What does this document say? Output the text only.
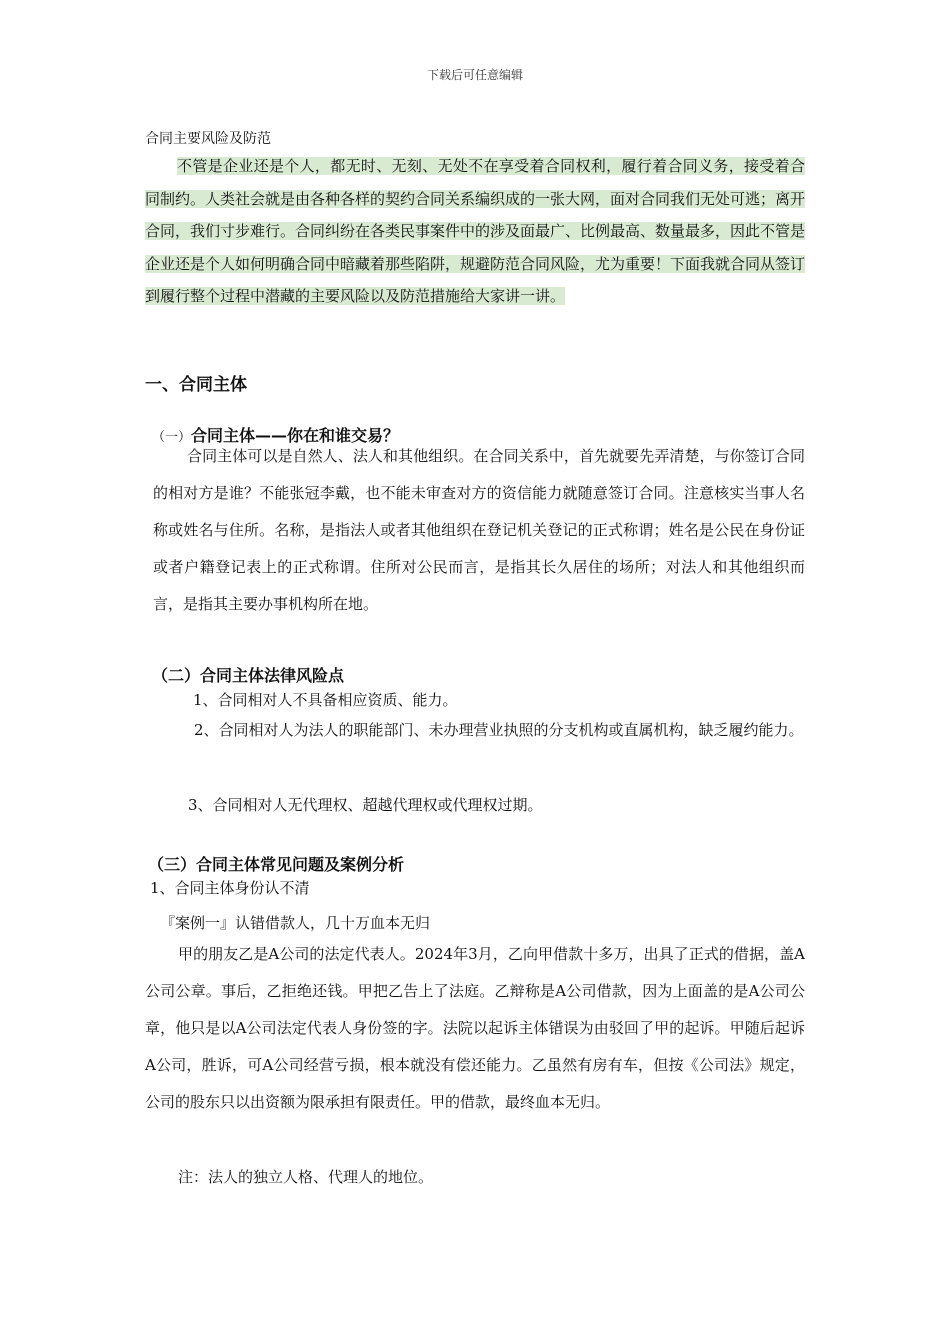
下载后可任意编辑
合同主要风险及防范
不管是企业还是个人，都无时、无刻、无处不在享受着合同权利，履行着合同义务，接受着合同制约。人类社会就是由各种各样的契约合同关系编织成的一张大网，面对合同我们无处可逃；离开合同，我们寸步难行。合同纠纷在各类民事案件中的涉及面最广、比例最高、数量最多，因此不管是企业还是个人如何明确合同中暗藏着那些陷阱，规避防范合同风险，尤为重要！下面我就合同从签订到履行整个过程中潜藏的主要风险以及防范措施给大家讲一讲。
一、合同主体
（一）合同主体——你在和谁交易？
合同主体可以是自然人、法人和其他组织。在合同关系中，首先就要先弄清楚，与你签订合同的相对方是谁？不能张冠李戴，也不能未审查对方的资信能力就随意签订合同。注意核实当事人名称或姓名与住所。名称，是指法人或者其他组织在登记机关登记的正式称谓；姓名是公民在身份证或者户籍登记表上的正式称谓。住所对公民而言，是指其长久居住的场所；对法人和其他组织而言，是指其主要办事机构所在地。
（二）合同主体法律风险点
1、合同相对人不具备相应资质、能力。
2、合同相对人为法人的职能部门、未办理营业执照的分支机构或直属机构，缺乏履约能力。
3、合同相对人无代理权、超越代理权或代理权过期。
（三）合同主体常见问题及案例分析
1、合同主体身份认不清
『案例一』认错借款人，几十万血本无归
甲的朋友乙是A公司的法定代表人。2024年3月，乙向甲借款十多万，出具了正式的借据，盖A公司公章。事后，乙拒绝还钱。甲把乙告上了法庭。乙辩称是A公司借款，因为上面盖的是A公司公章，他只是以A公司法定代表人身份签的字。法院以起诉主体错误为由驳回了甲的起诉。甲随后起诉A公司，胜诉，可A公司经营亏损，根本就没有偿还能力。乙虽然有房有车，但按《公司法》规定，公司的股东只以出资额为限承担有限责任。甲的借款，最终血本无归。
注：法人的独立人格、代理人的地位。
